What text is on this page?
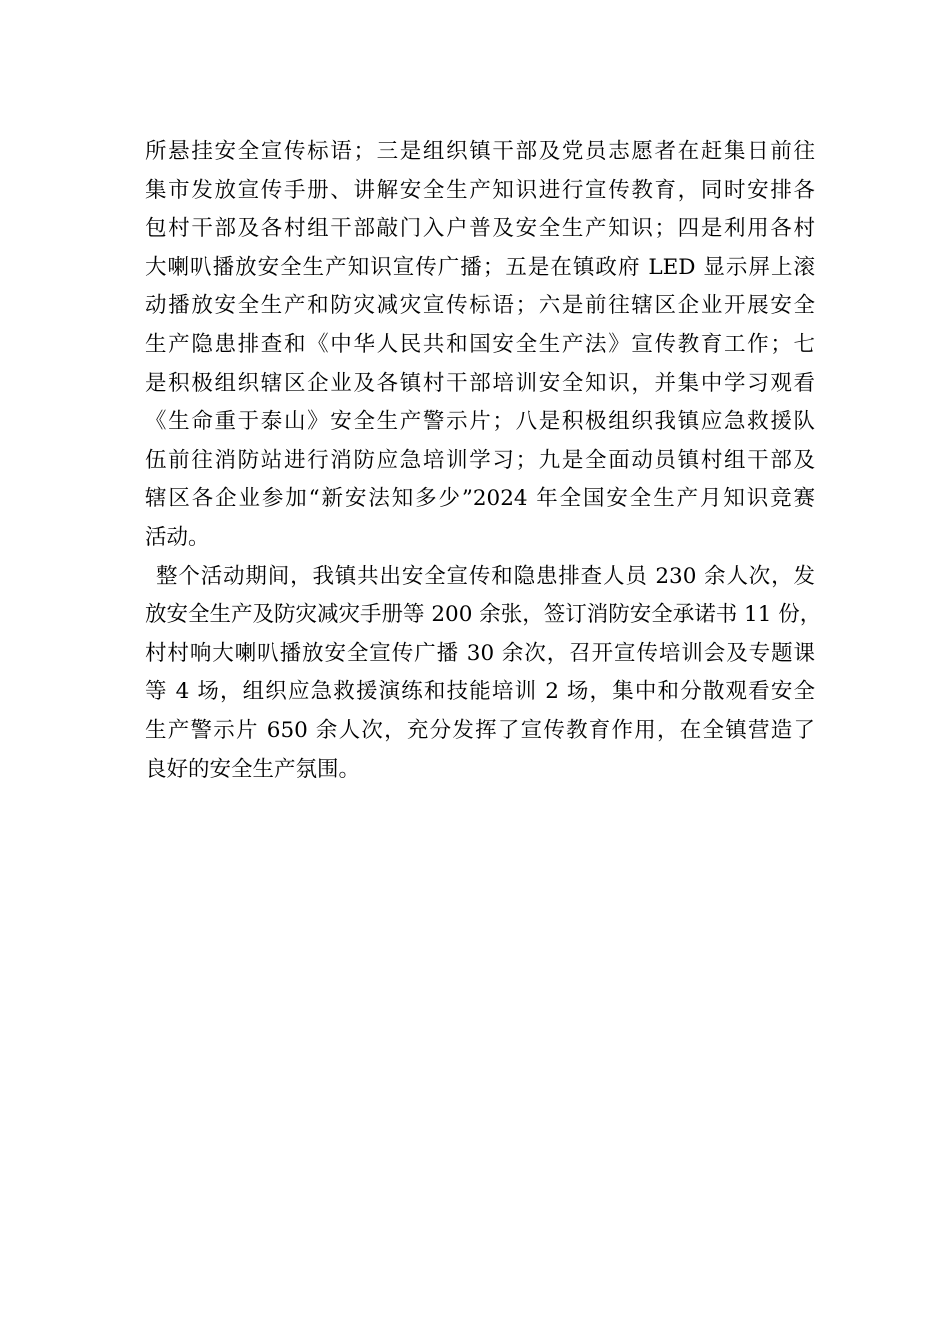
所悬挂安全宣传标语；三是组织镇干部及党员志愿者在赶集日前往
集市发放宣传手册、讲解安全生产知识进行宣传教育，同时安排各
包村干部及各村组干部敲门入户普及安全生产知识；四是利用各村
大喇叭播放安全生产知识宣传广播；五是在镇政府 LED 显示屏上滚
动播放安全生产和防灾减灾宣传标语；六是前往辖区企业开展安全
生产隐患排查和《中华人民共和国安全生产法》宣传教育工作；七
是积极组织辖区企业及各镇村干部培训安全知识，并集中学习观看
《生命重于泰山》安全生产警示片；八是积极组织我镇应急救援队
伍前往消防站进行消防应急培训学习；九是全面动员镇村组干部及
辖区各企业参加“新安法知多少”2024 年全国安全生产月知识竞赛
活动。
整个活动期间，我镇共出安全宣传和隐患排查人员 230 余人次，发
放安全生产及防灾减灾手册等 200 余张，签订消防安全承诺书 11 份，
村村响大喇叭播放安全宣传广播 30 余次，召开宣传培训会及专题课
等 4 场，组织应急救援演练和技能培训 2 场，集中和分散观看安全
生产警示片 650 余人次，充分发挥了宣传教育作用，在全镇营造了
良好的安全生产氛围。
